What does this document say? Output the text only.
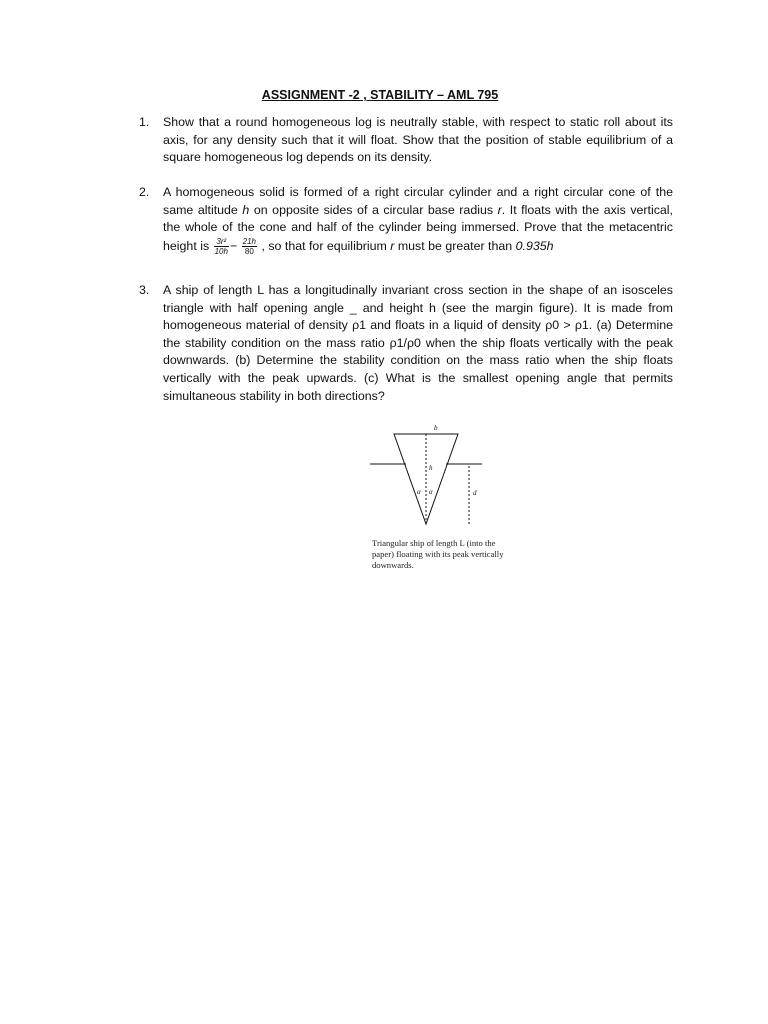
ASSIGNMENT -2 , STABILITY – AML 795
1. Show that a round homogeneous log is neutrally stable, with respect to static roll about its axis, for any density such that it will float. Show that the position of stable equilibrium of a square homogeneous log depends on its density.
2. A homogeneous solid is formed of a right circular cylinder and a right circular cone of the same altitude h on opposite sides of a circular base radius r. It floats with the axis vertical, the whole of the cone and half of the cylinder being immersed. Prove that the metacentric height is $\frac{\text{3r²}}{10h} - \frac{21h}{80}$ , so that for equilibrium r must be greater than 0.935h
3. A ship of length L has a longitudinally invariant cross section in the shape of an isosceles triangle with half opening angle _ and height h (see the margin figure). It is made from homogeneous material of density ρ1 and floats in a liquid of density ρ0 > ρ1. (a) Determine the stability condition on the mass ratio ρ1/ρ0 when the ship floats vertically with the peak downwards. (b) Determine the stability condition on the mass ratio when the ship floats vertically with the peak upwards. (c) What is the smallest opening angle that permits simultaneous stability in both directions?
b
h
α α	d
Triangular ship of length L (into the paper) floating with its peak vertically downwards.
